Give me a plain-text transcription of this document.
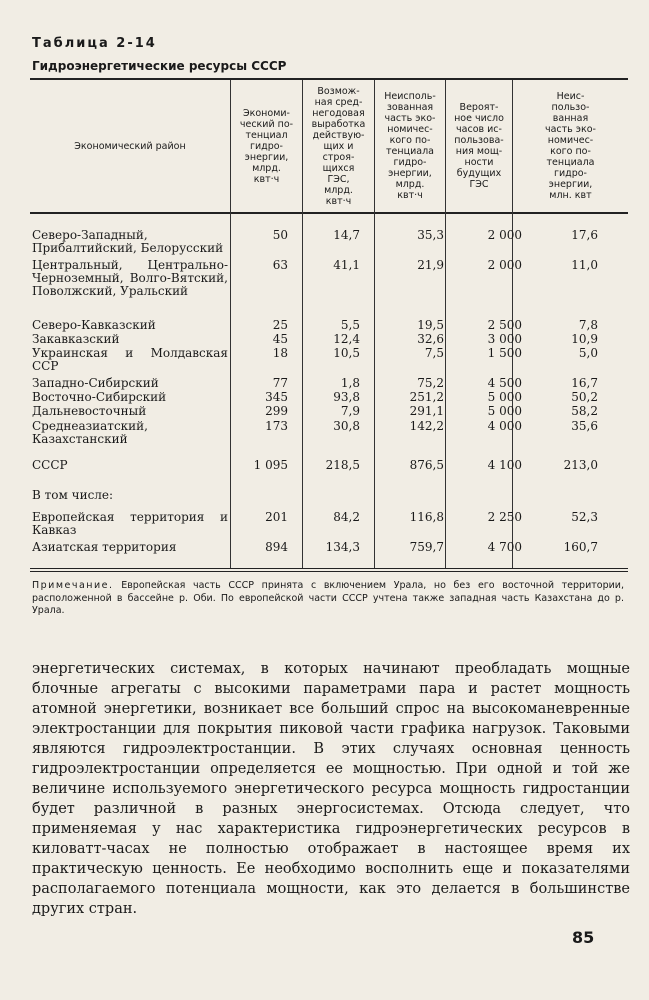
Таблица 2-14
Гидроэнергетические ресурсы СССР
Экономический район
Экономи-
ческий по-
тенциал
гидро-
энергии,
млрд.
квт·ч
Возмож-
ная сред-
негодовая
выработка
действую-
щих и
строя-
щихся
ГЭС,
млрд.
квт·ч
Неисполь-
зованная
часть эко-
номичес-
кого по-
тенциала
гидро-
энергии,
млрд.
квт·ч
Вероят-
ное число
часов ис-
пользова-
ния мощ-
ности
будущих
ГЭС
Неис-
пользо-
ванная
часть эко-
номичес-
кого по-
тенциала
гидро-
энергии,
млн. квт
Северо-Западный, Прибалтийский, Белорусский
50	14,7	35,3	2 000	17,6
Центральный, Центрально-Черноземный, Волго-Вятский, Поволжский, Уральский
63	41,1	21,9	2 000	11,0
Северо-Кавказский	25	5,5	19,5	2 500	7,8
Закавказский	45	12,4	32,6	3 000	10,9
Украинская и Молдавская ССР
18	10,5	7,5	1 500	5,0
Западно-Сибирский	77	1,8	75,2	4 500	16,7
Восточно-Сибирский	345	93,8	251,2	5 000	50,2
Дальневосточный	299	7,9	291,1	5 000	58,2
Среднеазиатский, Казахстанский
173	30,8	142,2	4 000	35,6
СССР	1 095	218,5	876,5	4 100	213,0
В том числе:
Европейская территория и Кавказ
201	84,2	116,8	2 250	52,3
Азиатская территория	894	134,3	759,7	4 700	160,7
Примечание. Европейская часть СССР принята с включением Урала, но без его восточной территории, расположенной в бассейне р. Оби. По европейской части СССР учтена также западная часть Казахстана до р. Урала.

энергетических системах, в которых начинают преобладать мощные блочные агрегаты с высокими параметрами пара и растет мощность атомной энергетики, возникает все больший спрос на высокоманевренные электростанции для покрытия пиковой части графика нагрузок. Таковыми являются гидроэлектростанции. В этих случаях основная ценность гидроэлектростанции определяется ее мощностью. При одной и той же величине используемого энергетического ресурса мощность гидростанции будет различной в разных энергосистемах. Отсюда следует, что применяемая у нас характеристика гидроэнергетических ресурсов в киловатт-часах не полностью отображает в настоящее время их практическую ценность. Ее необходимо восполнить еще и показателями располагаемого потенциала мощности, как это делается в большинстве других стран.

85
